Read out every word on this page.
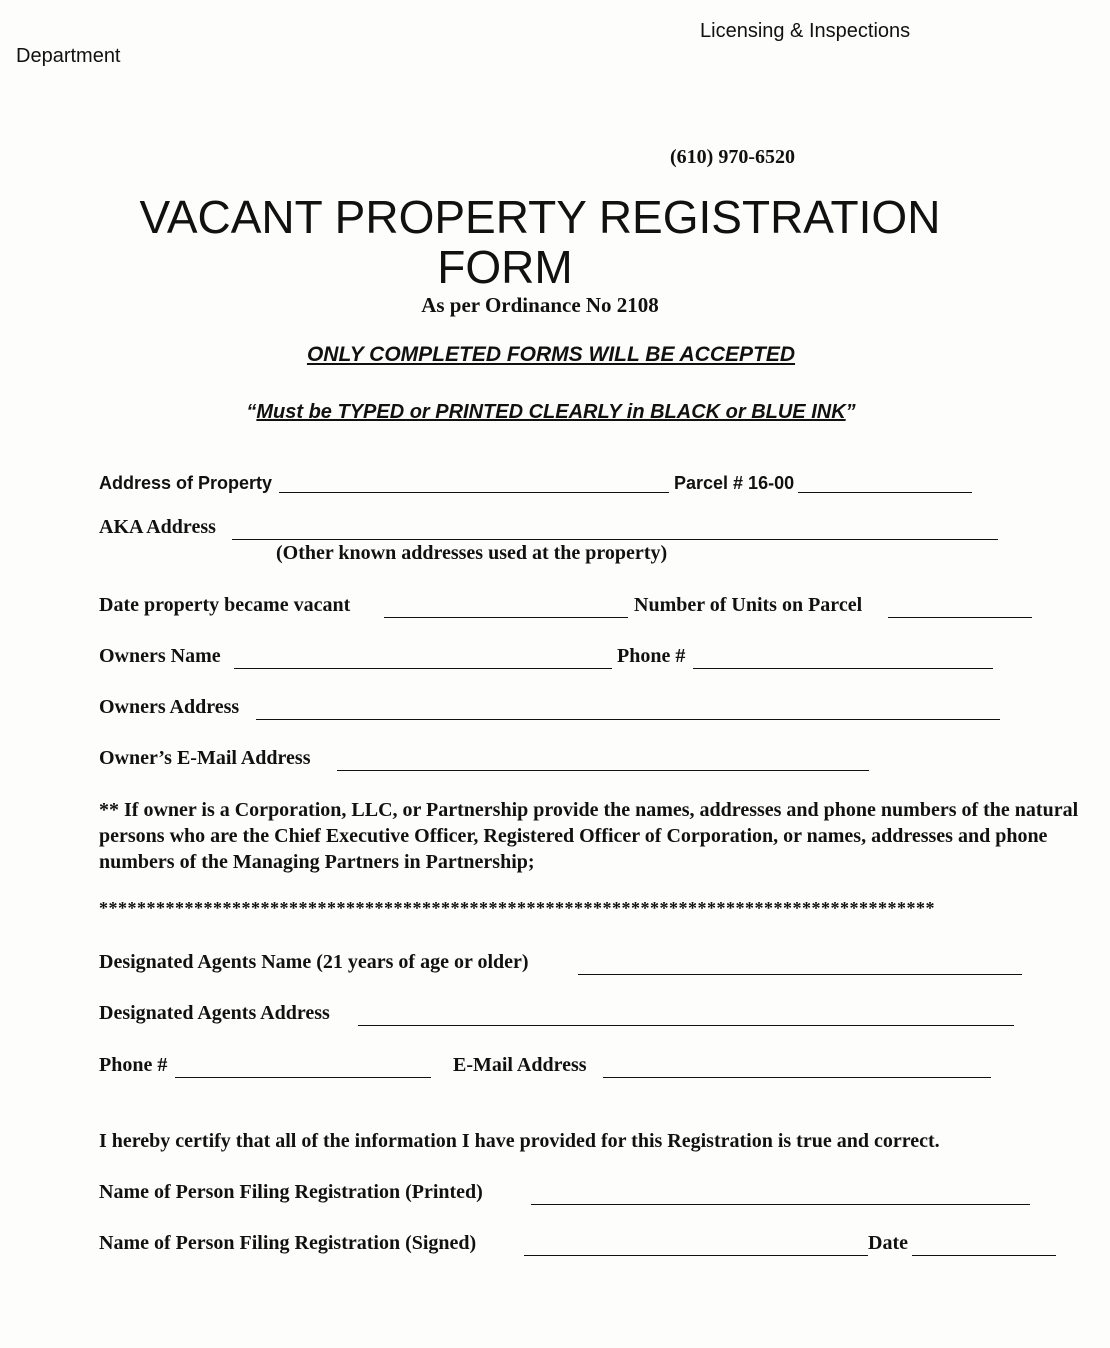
Licensing & Inspections
Department
(610) 970-6520
VACANT PROPERTY REGISTRATION
FORM
As per Ordinance No 2108
ONLY COMPLETED FORMS WILL BE ACCEPTED
“Must be TYPED or PRINTED CLEARLY in BLACK or BLUE INK”
Address of Property	Parcel # 16-00
AKA Address
(Other known addresses used at the property)
Date property became vacant	Number of Units on Parcel
Owners Name	Phone #
Owners Address
Owner’s E-Mail Address
** If owner is a Corporation, LLC, or Partnership provide the names, addresses and phone numbers of the natural persons who are the Chief Executive Officer, Registered Officer of Corporation, or names, addresses and phone numbers of the Managing Partners in Partnership;
****************************************************************************************
Designated Agents Name (21 years of age or older)
Designated Agents Address
Phone #	E-Mail Address
I hereby certify that all of the information I have provided for this Registration is true and correct.
Name of Person Filing Registration (Printed)
Name of Person Filing Registration (Signed)	Date
